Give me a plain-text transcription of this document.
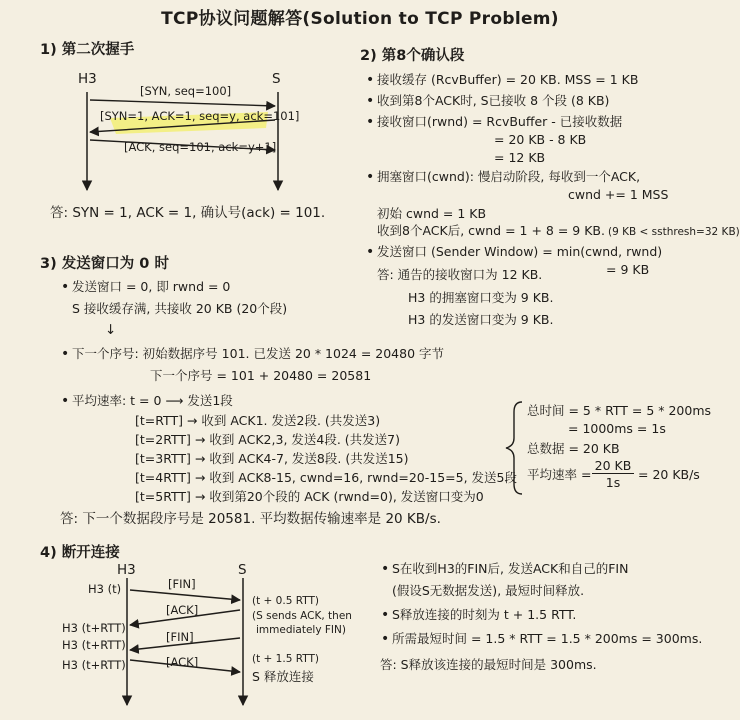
TCP协议问题解答(Solution to TCP Problem)
1) 第二次握手
H3	S
[SYN, seq=100]
[SYN=1, ACK=1, seq=y, ack=101]
[ACK, seq=101, ack=y+1]
答: SYN = 1, ACK = 1, 确认号(ack) = 101.
2) 第8个确认段
• 接收缓存 (RcvBuffer) = 20 KB. MSS = 1 KB
• 收到第8个ACK时, S已接收 8 个段 (8 KB)
• 接收窗口(rwnd) = RcvBuffer - 已接收数据
= 20 KB - 8 KB
= 12 KB
• 拥塞窗口(cwnd): 慢启动阶段, 每收到一个ACK,
cwnd += 1 MSS
初始 cwnd = 1 KB
收到8个ACK后, cwnd = 1 + 8 = 9 KB. (9 KB < ssthresh=32 KB)
• 发送窗口 (Sender Window) = min(cwnd, rwnd)
= 9 KB
答: 通告的接收窗口为 12 KB.
H3 的拥塞窗口变为 9 KB.
H3 的发送窗口变为 9 KB.
3) 发送窗口为 0 时
• 发送窗口 = 0, 即 rwnd = 0
S 接收缓存满, 共接收 20 KB (20个段)
↓
• 下一个序号: 初始数据序号 101. 已发送 20 * 1024 = 20480 字节
下一个序号 = 101 + 20480 = 20581
• 平均速率: t = 0 ⟶ 发送1段
[t=RTT] → 收到 ACK1. 发送2段. (共发送3)
[t=2RTT] → 收到 ACK2,3, 发送4段. (共发送7)
[t=3RTT] → 收到 ACK4-7, 发送8段. (共发送15)
[t=4RTT] → 收到 ACK8-15, cwnd=16, rwnd=20-15=5, 发送5段
[t=5RTT] → 收到第20个段的 ACK (rwnd=0), 发送窗口变为0
总时间 = 5 * RTT = 5 * 200ms
= 1000ms = 1s
总数据 = 20 KB
平均速率 =
20 KB
1s
= 20 KB/s
答: 下一个数据段序号是 20581. 平均数据传输速率是 20 KB/s.
4) 断开连接
H3	S
H3 (t)
H3 (t+RTT)
H3 (t+RTT)
H3 (t+RTT)
[FIN]
[ACK]
[FIN]
[ACK]
(t + 0.5 RTT)
(S sends ACK, then
immediately FIN)
(t + 1.5 RTT)
S 释放连接
• S在收到H3的FIN后, 发送ACK和自己的FIN
(假设S无数据发送), 最短时间释放.
• S释放连接的时刻为 t + 1.5 RTT.
• 所需最短时间 = 1.5 * RTT = 1.5 * 200ms = 300ms.
答: S释放该连接的最短时间是 300ms.
